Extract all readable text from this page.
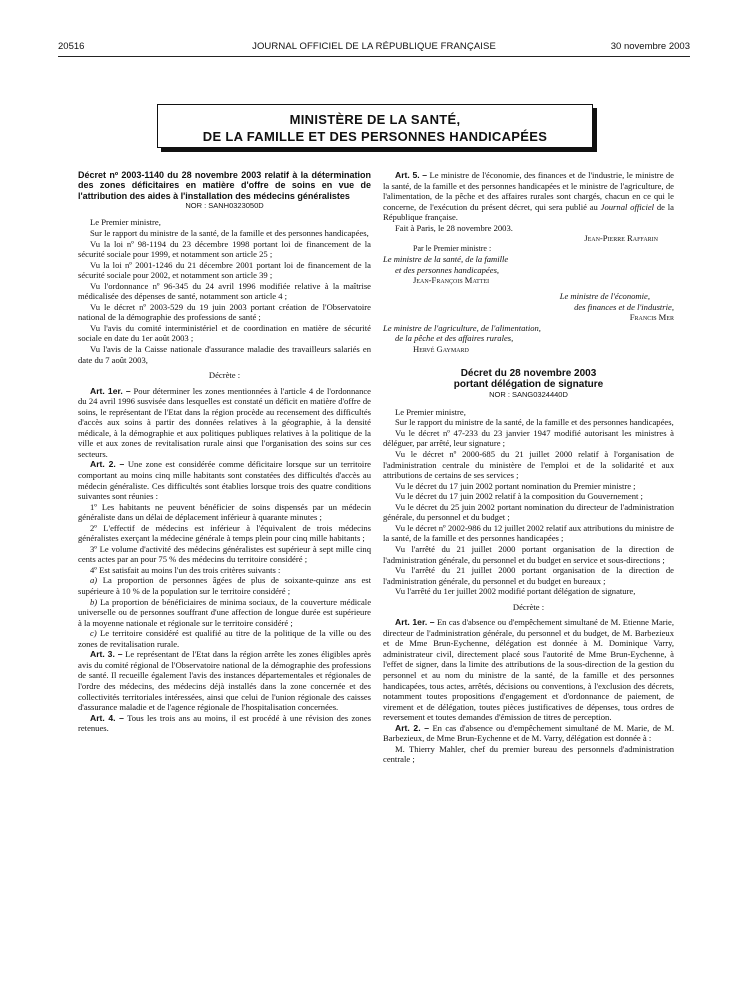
20516	JOURNAL OFFICIEL DE LA RÉPUBLIQUE FRANÇAISE	30 novembre 2003
MINISTÈRE DE LA SANTÉ,
DE LA FAMILLE ET DES PERSONNES HANDICAPÉES

Décret nº 2003-1140 du 28 novembre 2003 relatif à la détermination des zones déficitaires en matière d'offre de soins en vue de l'attribution des aides à l'installation des médecins généralistes

NOR : SANH0323050D

Le Premier ministre,

Sur le rapport du ministre de la santé, de la famille et des personnes handicapées,

Vu la loi nº 98-1194 du 23 décembre 1998 portant loi de financement de la sécurité sociale pour 1999, et notamment son article 25 ;

Vu la loi nº 2001-1246 du 21 décembre 2001 portant loi de financement de la sécurité sociale pour 2002, et notamment son article 39 ;

Vu l'ordonnance nº 96-345 du 24 avril 1996 modifiée relative à la maîtrise médicalisée des dépenses de santé, notamment son article 4 ;

Vu le décret nº 2003-529 du 19 juin 2003 portant création de l'Observatoire national de la démographie des professions de santé ;

Vu l'avis du comité interministériel et de coordination en matière de sécurité sociale en date du 1er août 2003 ;

Vu l'avis de la Caisse nationale d'assurance maladie des travailleurs salariés en date du 7 août 2003,

Décrète :

Art. 1er. – Pour déterminer les zones mentionnées à l'article 4 de l'ordonnance du 24 avril 1996 susvisée dans lesquelles est constaté un déficit en matière d'offre de soins, le représentant de l'Etat dans la région procède au recensement des difficultés d'accès aux soins à partir des données relatives à la géographie, à la densité médicale, à la démographie et aux politiques publiques relatives à la politique de la ville et aux zones de revitalisation rurale ainsi que l'organisation des soins sur ces secteurs.

Art. 2. – Une zone est considérée comme déficitaire lorsque sur un territoire comportant au moins cinq mille habitants sont constatées des difficultés d'accès au médecin généraliste. Ces difficultés sont établies lorsque trois des quatre conditions suivantes sont réunies :

1º Les habitants ne peuvent bénéficier de soins dispensés par un médecin généraliste dans un délai de déplacement inférieur à quarante minutes ;

2º L'effectif de médecins est inférieur à l'équivalent de trois médecins généralistes exerçant la médecine générale à temps plein pour cinq mille habitants ;

3º Le volume d'activité des médecins généralistes est supérieur à sept mille cinq cents actes par an pour 75 % des médecins du territoire considéré ;

4º Est satisfait au moins l'un des trois critères suivants :

a) La proportion de personnes âgées de plus de soixante-quinze ans est supérieure à 10 % de la population sur le territoire considéré ;

b) La proportion de bénéficiaires de minima sociaux, de la couverture médicale universelle ou de personnes souffrant d'une affection de longue durée est supérieure à la moyenne nationale et régionale sur le territoire considéré ;

c) Le territoire considéré est qualifié au titre de la politique de la ville ou des zones de revitalisation rurale.

Art. 3. – Le représentant de l'Etat dans la région arrête les zones éligibles après avis du comité régional de l'Observatoire national de la démographie des professions de santé. Il recueille également l'avis des instances départementales et régionales de l'ordre des médecins, des médecins déjà installés dans la zone concernée et des collectivités territoriales intéressées, ainsi que celui de l'union régionale des caisses d'assurance maladie et de l'agence régionale de l'hospitalisation concernées.

Art. 4. – Tous les trois ans au moins, il est procédé à une révision des zones retenues.

Art. 5. – Le ministre de l'économie, des finances et de l'industrie, le ministre de la santé, de la famille et des personnes handicapées et le ministre de l'agriculture, de l'alimentation, de la pêche et des affaires rurales sont chargés, chacun en ce qui le concerne, de l'exécution du présent décret, qui sera publié au Journal officiel de la République française.

Fait à Paris, le 28 novembre 2003.

Jean-Pierre Raffarin

Par le Premier ministre :

Le ministre de la santé, de la famille

et des personnes handicapées,

Jean-François Mattei

Le ministre de l'économie,

des finances et de l'industrie,

Francis Mer

Le ministre de l'agriculture, de l'alimentation,

de la pêche et des affaires rurales,

Hervé Gaymard

Décret du 28 novembre 2003

portant délégation de signature

NOR : SANG0324440D

Le Premier ministre,

Sur le rapport du ministre de la santé, de la famille et des personnes handicapées,

Vu le décret nº 47-233 du 23 janvier 1947 modifié autorisant les ministres à déléguer, par arrêté, leur signature ;

Vu le décret nº 2000-685 du 21 juillet 2000 relatif à l'organisation de l'administration centrale du ministère de l'emploi et de la solidarité et aux attributions de certains de ses services ;

Vu le décret du 17 juin 2002 portant nomination du Premier ministre ;

Vu le décret du 17 juin 2002 relatif à la composition du Gouvernement ;

Vu le décret du 25 juin 2002 portant nomination du directeur de l'administration générale, du personnel et du budget ;

Vu le décret nº 2002-986 du 12 juillet 2002 relatif aux attributions du ministre de la santé, de la famille et des personnes handicapées ;

Vu l'arrêté du 21 juillet 2000 portant organisation de la direction de l'administration générale, du personnel et du budget en service et sous-directions ;

Vu l'arrêté du 21 juillet 2000 portant organisation de la direction de l'administration générale, du personnel et du budget en bureaux ;

Vu l'arrêté du 1er juillet 2002 modifié portant délégation de signature,

Décrète :

Art. 1er. – En cas d'absence ou d'empêchement simultané de M. Etienne Marie, directeur de l'administration générale, du personnel et du budget, de M. Barbezieux et de Mme Brun-Eychenne, délégation est donnée à M. Dominique Varry, administrateur civil, directement placé sous l'autorité de Mme Brun-Eychenne, à l'effet de signer, dans la limite des attributions de la sous-direction de la gestion du personnel et au nom du ministre de la santé, de la famille et des personnes handicapées, tous actes, arrêtés, décisions ou conventions, à l'exclusion des décrets, notamment toutes propositions d'engagement et d'ordonnance de paiement, de virement et de délégation, toutes pièces justificatives de dépenses, tous ordres de reversement et toutes demandes d'émission de titres de perception.

Art. 2. – En cas d'absence ou d'empêchement simultané de M. Marie, de M. Barbezieux, de Mme Brun-Eychenne et de M. Varry, délégation est donnée à :

M. Thierry Mahler, chef du premier bureau des personnels d'administration centrale ;
